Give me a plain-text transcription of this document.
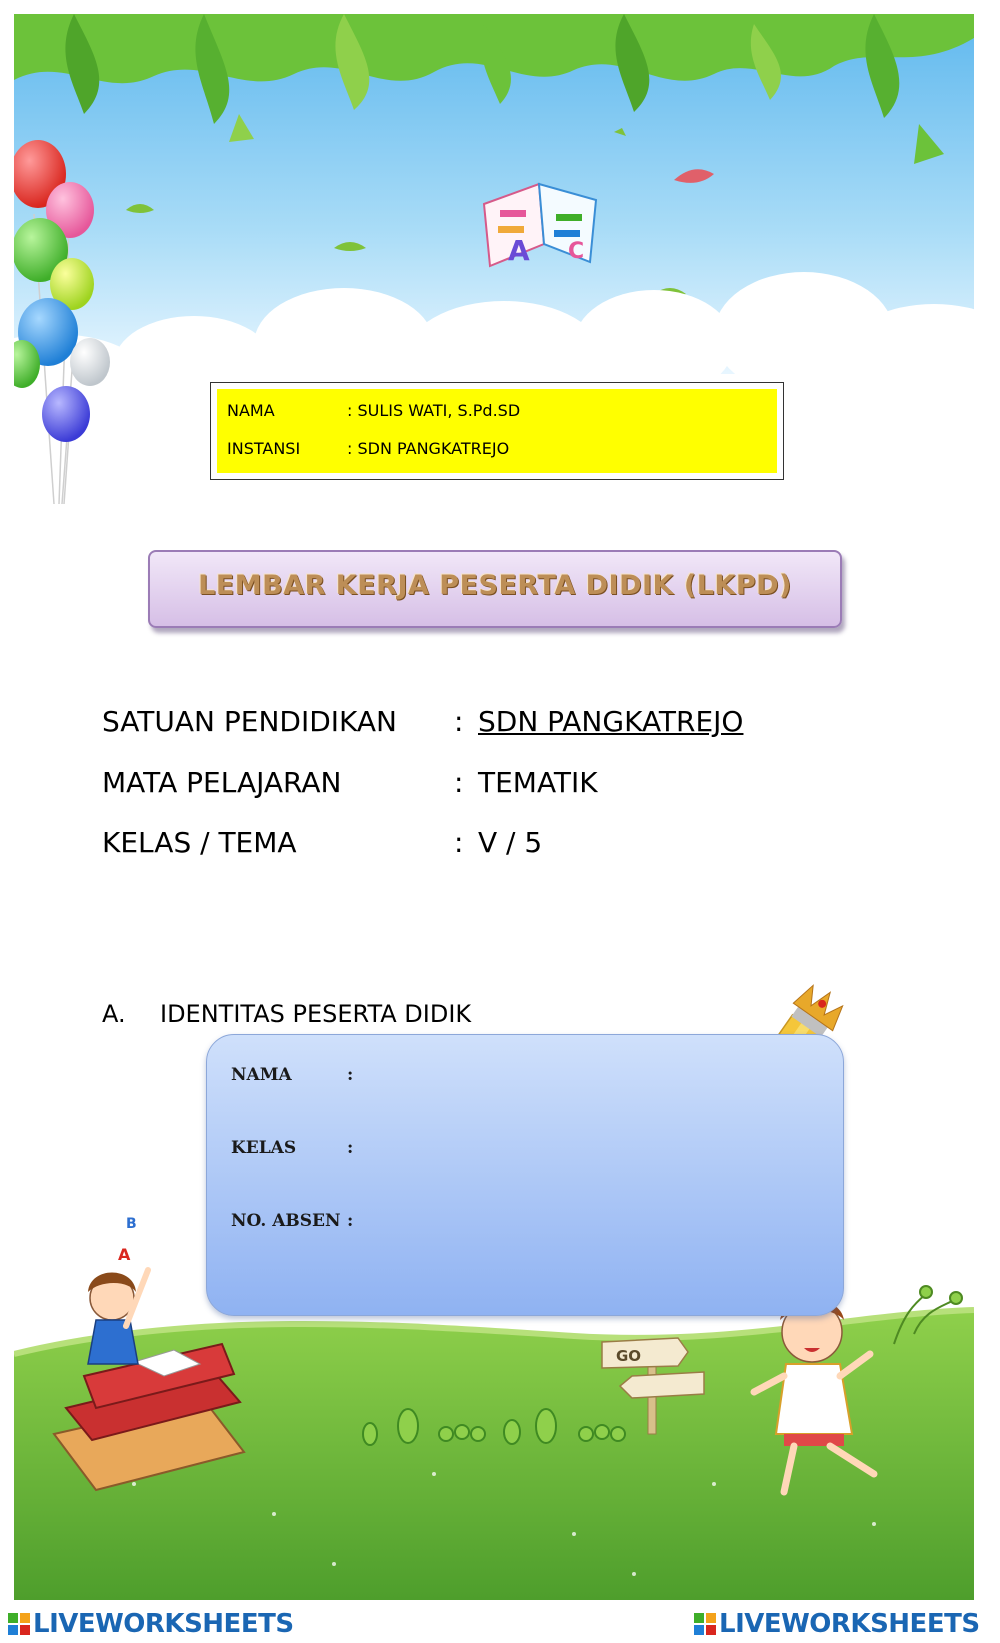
A C
GO
B
A
NAMA	: SULIS WATI, S.Pd.SD
INSTANSI	: SDN PANGKATREJO
LEMBAR KERJA PESERTA DIDIK (LKPD)
SATUAN PENDIDIKAN : SDN PANGKATREJO
MATA PELAJARAN	: TEMATIK
KELAS / TEMA	: V / 5
A. IDENTITAS PESERTA DIDIK
NAMA	:
KELAS	:
NO. ABSEN :
LIVEWORKSHEETS	LIVEWORKSHEETS
